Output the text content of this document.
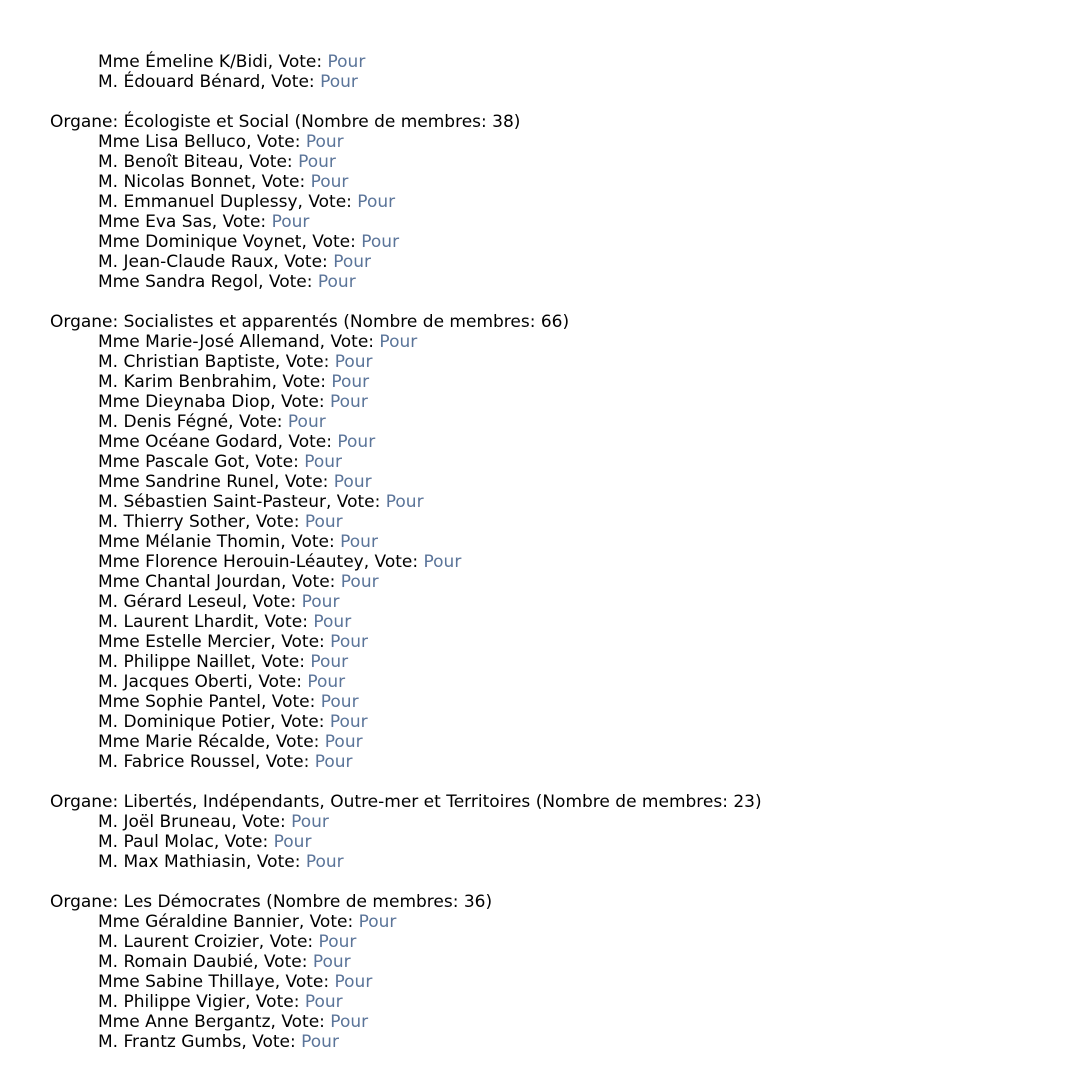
Mme Émeline K/Bidi, Vote: Pour
M. Édouard Bénard, Vote: Pour
Organe: Écologiste et Social (Nombre de membres: 38)
Mme Lisa Belluco, Vote: Pour
M. Benoît Biteau, Vote: Pour
M. Nicolas Bonnet, Vote: Pour
M. Emmanuel Duplessy, Vote: Pour
Mme Eva Sas, Vote: Pour
Mme Dominique Voynet, Vote: Pour
M. Jean-Claude Raux, Vote: Pour
Mme Sandra Regol, Vote: Pour
Organe: Socialistes et apparentés (Nombre de membres: 66)
Mme Marie-José Allemand, Vote: Pour
M. Christian Baptiste, Vote: Pour
M. Karim Benbrahim, Vote: Pour
Mme Dieynaba Diop, Vote: Pour
M. Denis Fégné, Vote: Pour
Mme Océane Godard, Vote: Pour
Mme Pascale Got, Vote: Pour
Mme Sandrine Runel, Vote: Pour
M. Sébastien Saint-Pasteur, Vote: Pour
M. Thierry Sother, Vote: Pour
Mme Mélanie Thomin, Vote: Pour
Mme Florence Herouin-Léautey, Vote: Pour
Mme Chantal Jourdan, Vote: Pour
M. Gérard Leseul, Vote: Pour
M. Laurent Lhardit, Vote: Pour
Mme Estelle Mercier, Vote: Pour
M. Philippe Naillet, Vote: Pour
M. Jacques Oberti, Vote: Pour
Mme Sophie Pantel, Vote: Pour
M. Dominique Potier, Vote: Pour
Mme Marie Récalde, Vote: Pour
M. Fabrice Roussel, Vote: Pour
Organe: Libertés, Indépendants, Outre-mer et Territoires (Nombre de membres: 23)
M. Joël Bruneau, Vote: Pour
M. Paul Molac, Vote: Pour
M. Max Mathiasin, Vote: Pour
Organe: Les Démocrates (Nombre de membres: 36)
Mme Géraldine Bannier, Vote: Pour
M. Laurent Croizier, Vote: Pour
M. Romain Daubié, Vote: Pour
Mme Sabine Thillaye, Vote: Pour
M. Philippe Vigier, Vote: Pour
Mme Anne Bergantz, Vote: Pour
M. Frantz Gumbs, Vote: Pour
